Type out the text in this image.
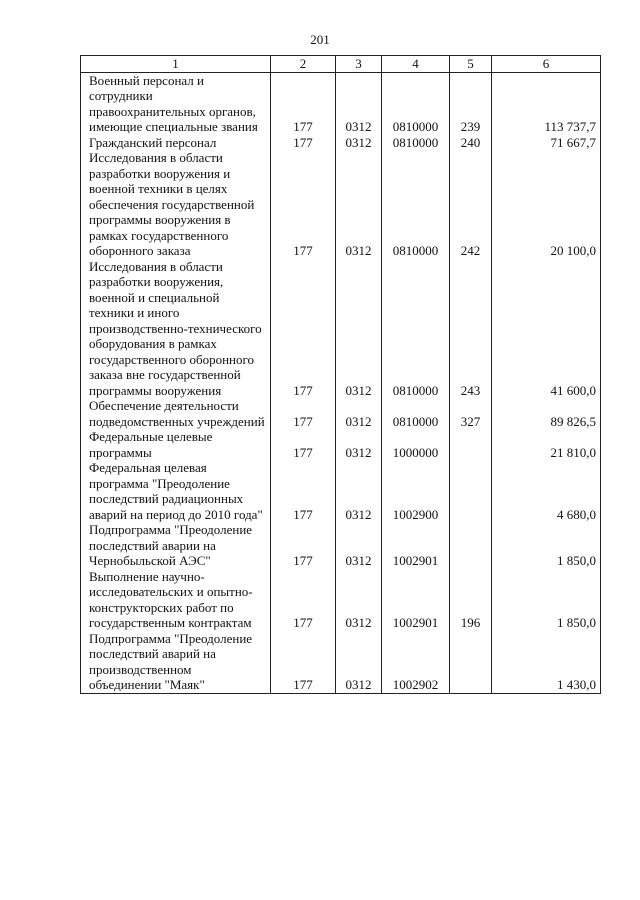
201
1	2	3	4	5	6
Военный персонал и сотрудники правоохранительных органов, имеющие специальные звания	177	0312	0810000	239	113 737,7
Гражданский персонал	177	0312	0810000	240	71 667,7
Исследования в области разработки вооружения и военной техники в целях обеспечения государственной программы вооружения в рамках государственного оборонного заказа	177	0312	0810000	242	20 100,0
Исследования в области разработки вооружения, военной и специальной техники и иного производственно-технического оборудования в рамках государственного оборонного заказа вне государственной программы вооружения	177	0312	0810000	243	41 600,0
Обеспечение деятельности подведомственных учреждений	177	0312	0810000	327	89 826,5
Федеральные целевые программы	177	0312	1000000		21 810,0
Федеральная целевая программа "Преодоление последствий радиационных аварий на период до 2010 года"	177	0312	1002900		4 680,0
Подпрограмма "Преодоление последствий аварии на Чернобыльской АЭС"	177	0312	1002901		1 850,0
Выполнение научно-исследовательских и опытно-конструкторских работ по государственным контрактам	177	0312	1002901	196	1 850,0
Подпрограмма "Преодоление последствий аварий на производственном объединении "Маяк"	177	0312	1002902		1 430,0
